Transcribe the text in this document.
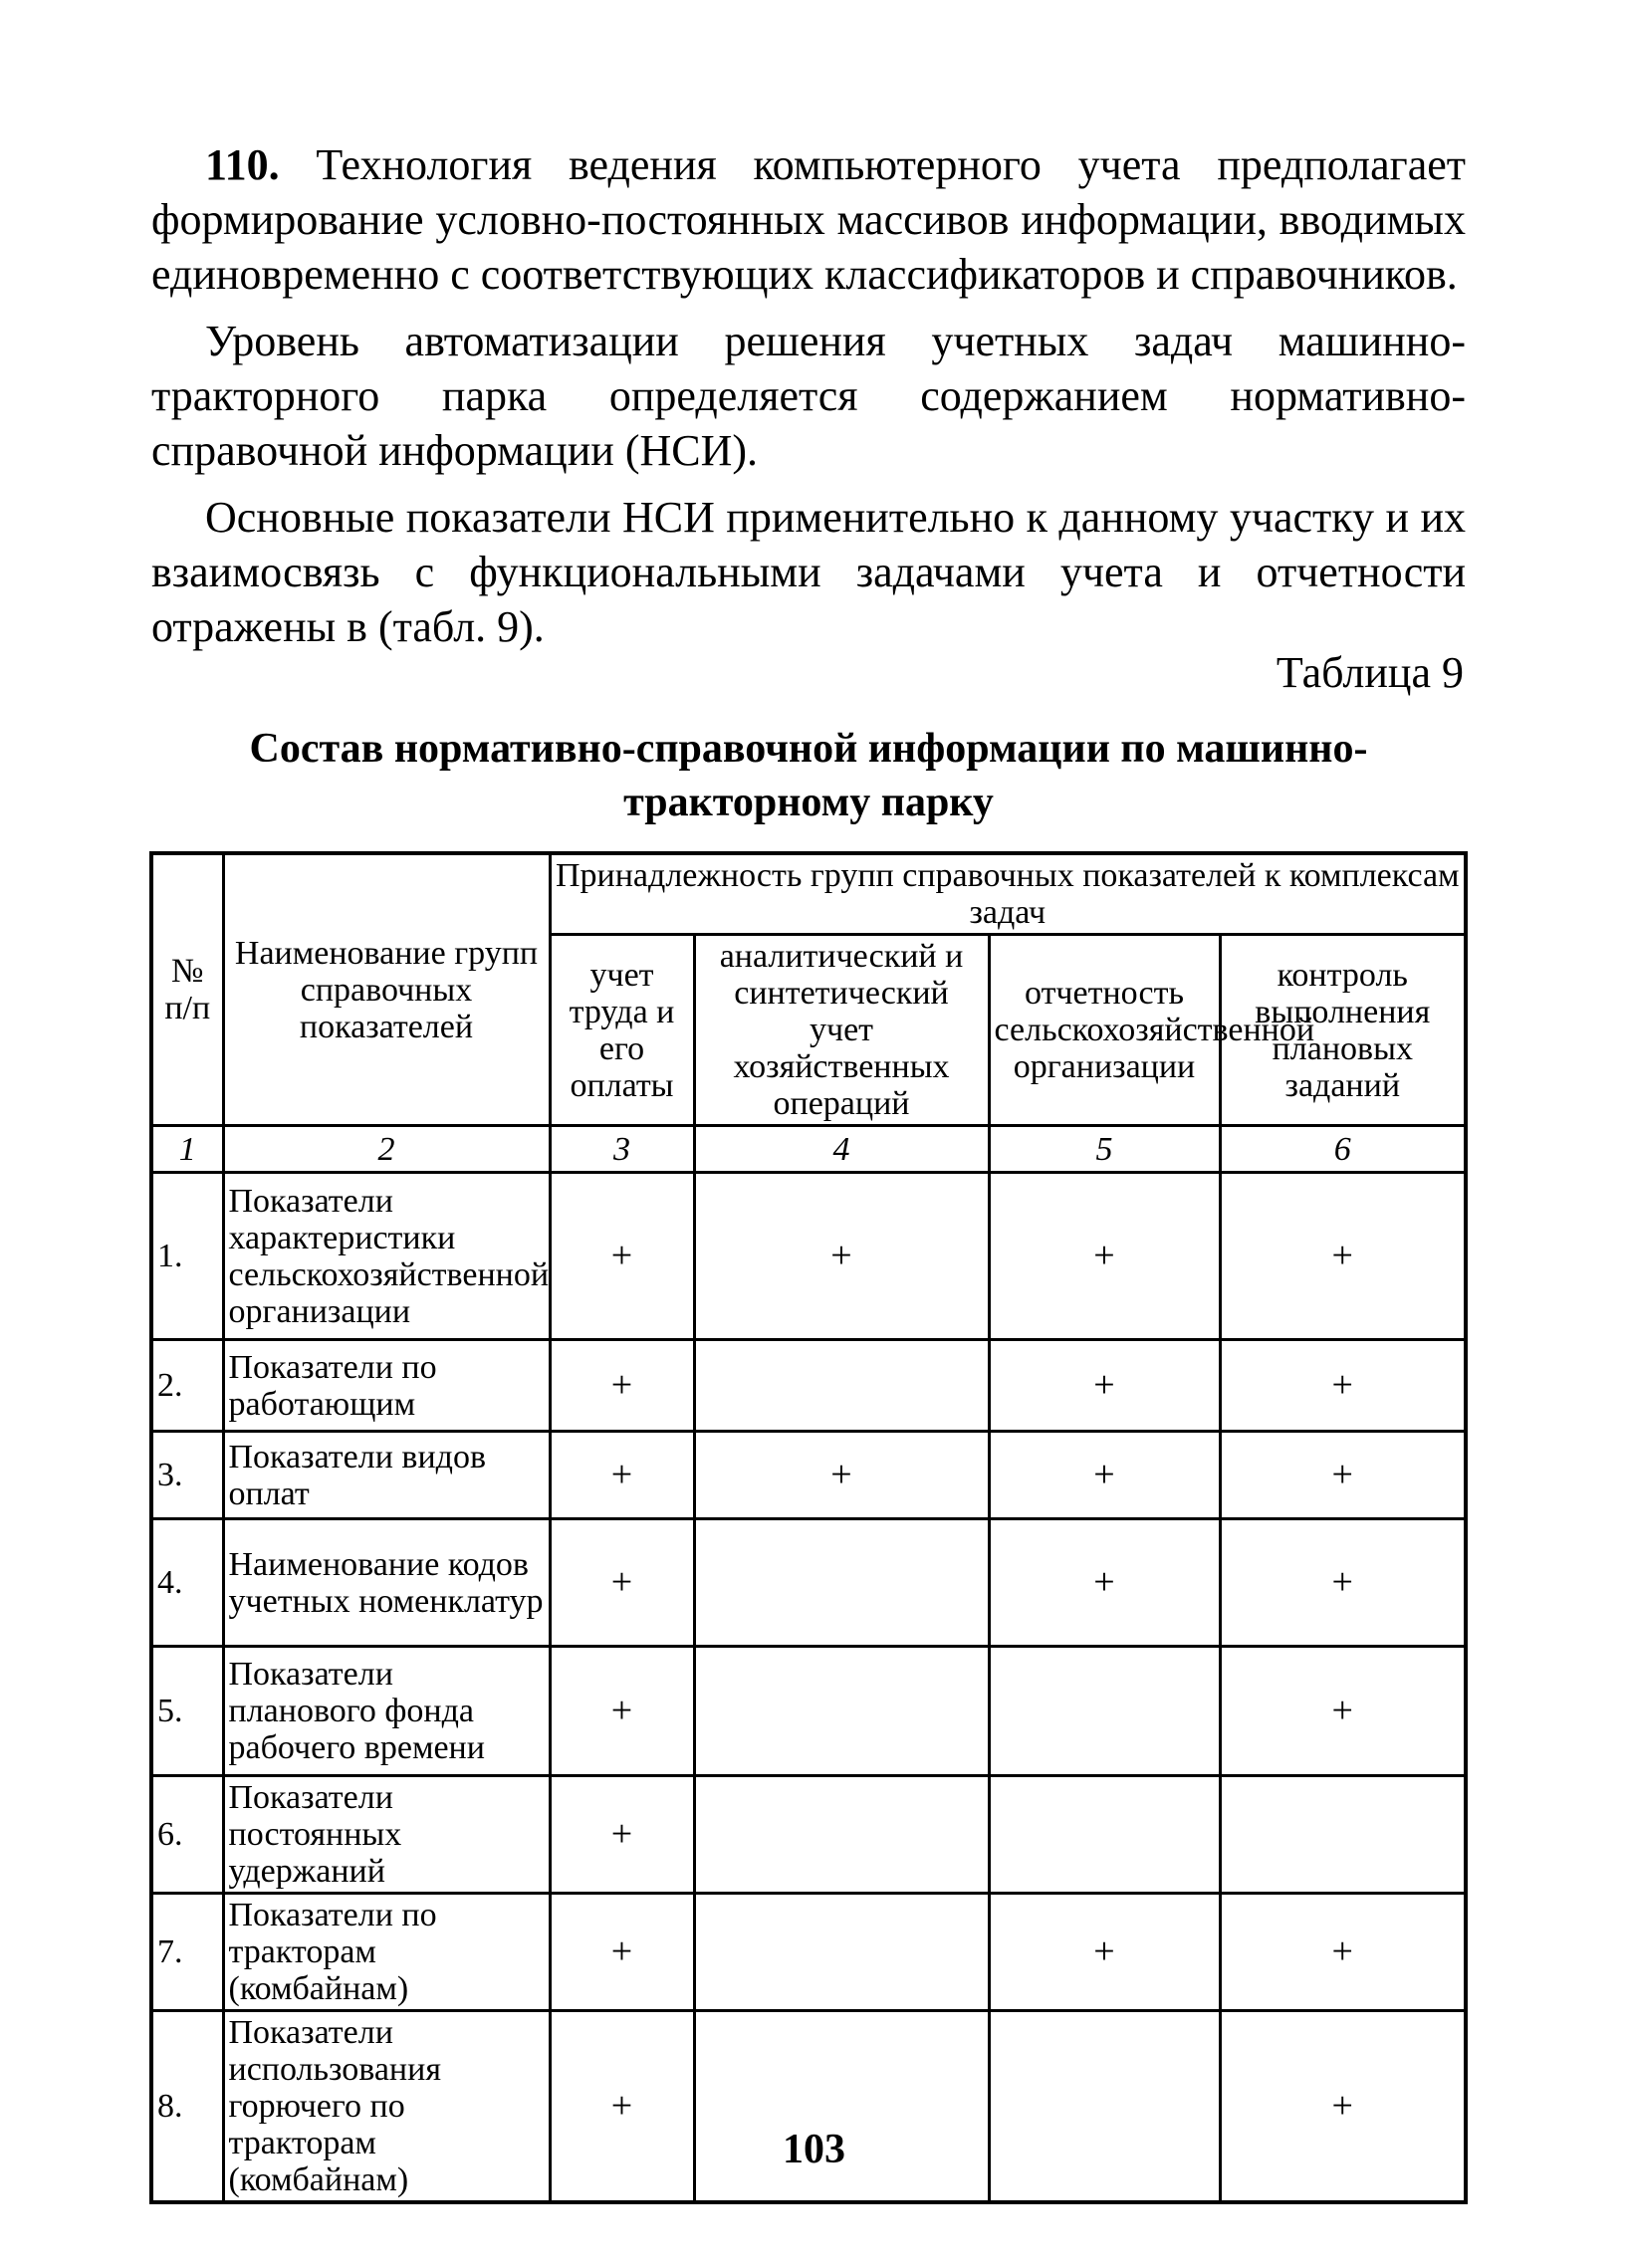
110. Технология ведения компьютерного учета предполагает формирование условно-постоянных массивов информации, вводимых единовременно с соответствующих классификаторов и справочников.

Уровень автоматизации решения учетных задач машинно-тракторного парка определяется содержанием нормативно-справочной информации (НСИ).

Основные показатели НСИ применительно к данному участку и их взаимосвязь с функциональными задачами учета и отчетности отражены в (табл. 9).

Таблица 9
Состав нормативно-справочной информации по машинно-тракторному парку
№ п/п	Наименование групп справочных показателей	Принадлежность групп справочных показателей к комплексам задач			
		учет труда и его оплаты	аналитический и синтетический учет хозяйственных операций	отчетность сельскохозяйственной организации	контроль выполнения плановых заданий
1	2	3	4	5	6
1.	Показатели характеристики сельскохозяйственной организации	+	+	+	+
2.	Показатели по работающим	+		+	+
3.	Показатели видов оплат	+	+	+	+
4.	Наименование кодов учетных номенклатур	+		+	+
5.	Показатели планового фонда рабочего времени	+			+
6.	Показатели постоянных удержаний	+			
7.	Показатели по тракторам (комбайнам)	+		+	+
8.	Показатели использования горючего по тракторам (комбайнам)	+			+
103
